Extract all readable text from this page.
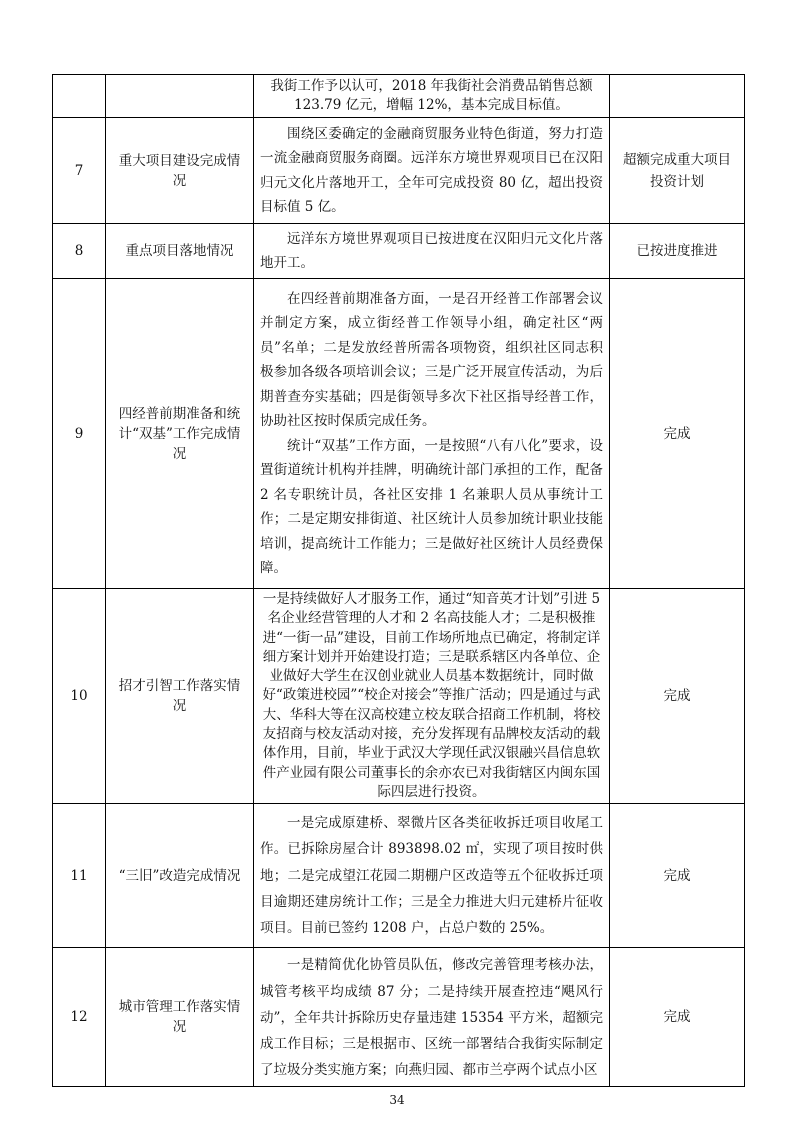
		我街工作予以认可，2018 年我街社会消费品销售总额 123.79 亿元，增幅 12%，基本完成目标值。	

7	重大项目建设完成情况	围绕区委确定的金融商贸服务业特色街道，努力打造一流金融商贸服务商圈。远洋东方境世界观项目已在汉阳归元文化片落地开工，全年可完成投资 80 亿，超出投资目标值 5 亿。	超额完成重大项目投资计划
8	重点项目落地情况	远洋东方境世界观项目已按进度在汉阳归元文化片落地开工。	已按进度推进
9	四经普前期准备和统计“双基”工作完成情况	在四经普前期准备方面，一是召开经普工作部署会议并制定方案，成立街经普工作领导小组，确定社区“两员”名单；二是发放经普所需各项物资，组织社区同志积极参加各级各项培训会议；三是广泛开展宣传活动，为后期普查夯实基础；四是街领导多次下社区指导经普工作，协助社区按时保质完成任务。

统计“双基”工作方面，一是按照“八有八化”要求，设置街道统计机构并挂牌，明确统计部门承担的工作，配备 2 名专职统计员，各社区安排 1 名兼职人员从事统计工作；二是定期安排街道、社区统计人员参加统计职业技能培训，提高统计工作能力；三是做好社区统计人员经费保障。	完成
10	招才引智工作落实情况	一是持续做好人才服务工作，通过“知音英才计划”引进 5 名企业经营管理的人才和 2 名高技能人才；二是积极推进“一街一品”建设，目前工作场所地点已确定，将制定详细方案计划并开始建设打造；三是联系辖区内各单位、企业做好大学生在汉创业就业人员基本数据统计，同时做好“政策进校园”“校企对接会”等推广活动；四是通过与武大、华科大等在汉高校建立校友联合招商工作机制，将校友招商与校友活动对接，充分发挥现有品牌校友活动的载体作用，目前，毕业于武汉大学现任武汉银融兴昌信息软件产业园有限公司董事长的余亦农已对我街辖区内闽东国际四层进行投资。	完成
11	“三旧”改造完成情况	一是完成原建桥、翠微片区各类征收拆迁项目收尾工作。已拆除房屋合计 893898.02 ㎡，实现了项目按时供地；二是完成望江花园二期棚户区改造等五个征收拆迁项目逾期还建房统计工作；三是全力推进大归元建桥片征收项目。目前已签约 1208 户，占总户数的 25%。	完成
12	城市管理工作落实情况	一是精简优化协管员队伍，修改完善管理考核办法，城管考核平均成绩 87 分；二是持续开展查控违“飓风行动”，全年共计拆除历史存量违建 15354 平方米，超额完成工作目标；三是根据市、区统一部署结合我街实际制定了垃圾分类实施方案；向燕归园、都市兰亭两个试点小区	完成
34
